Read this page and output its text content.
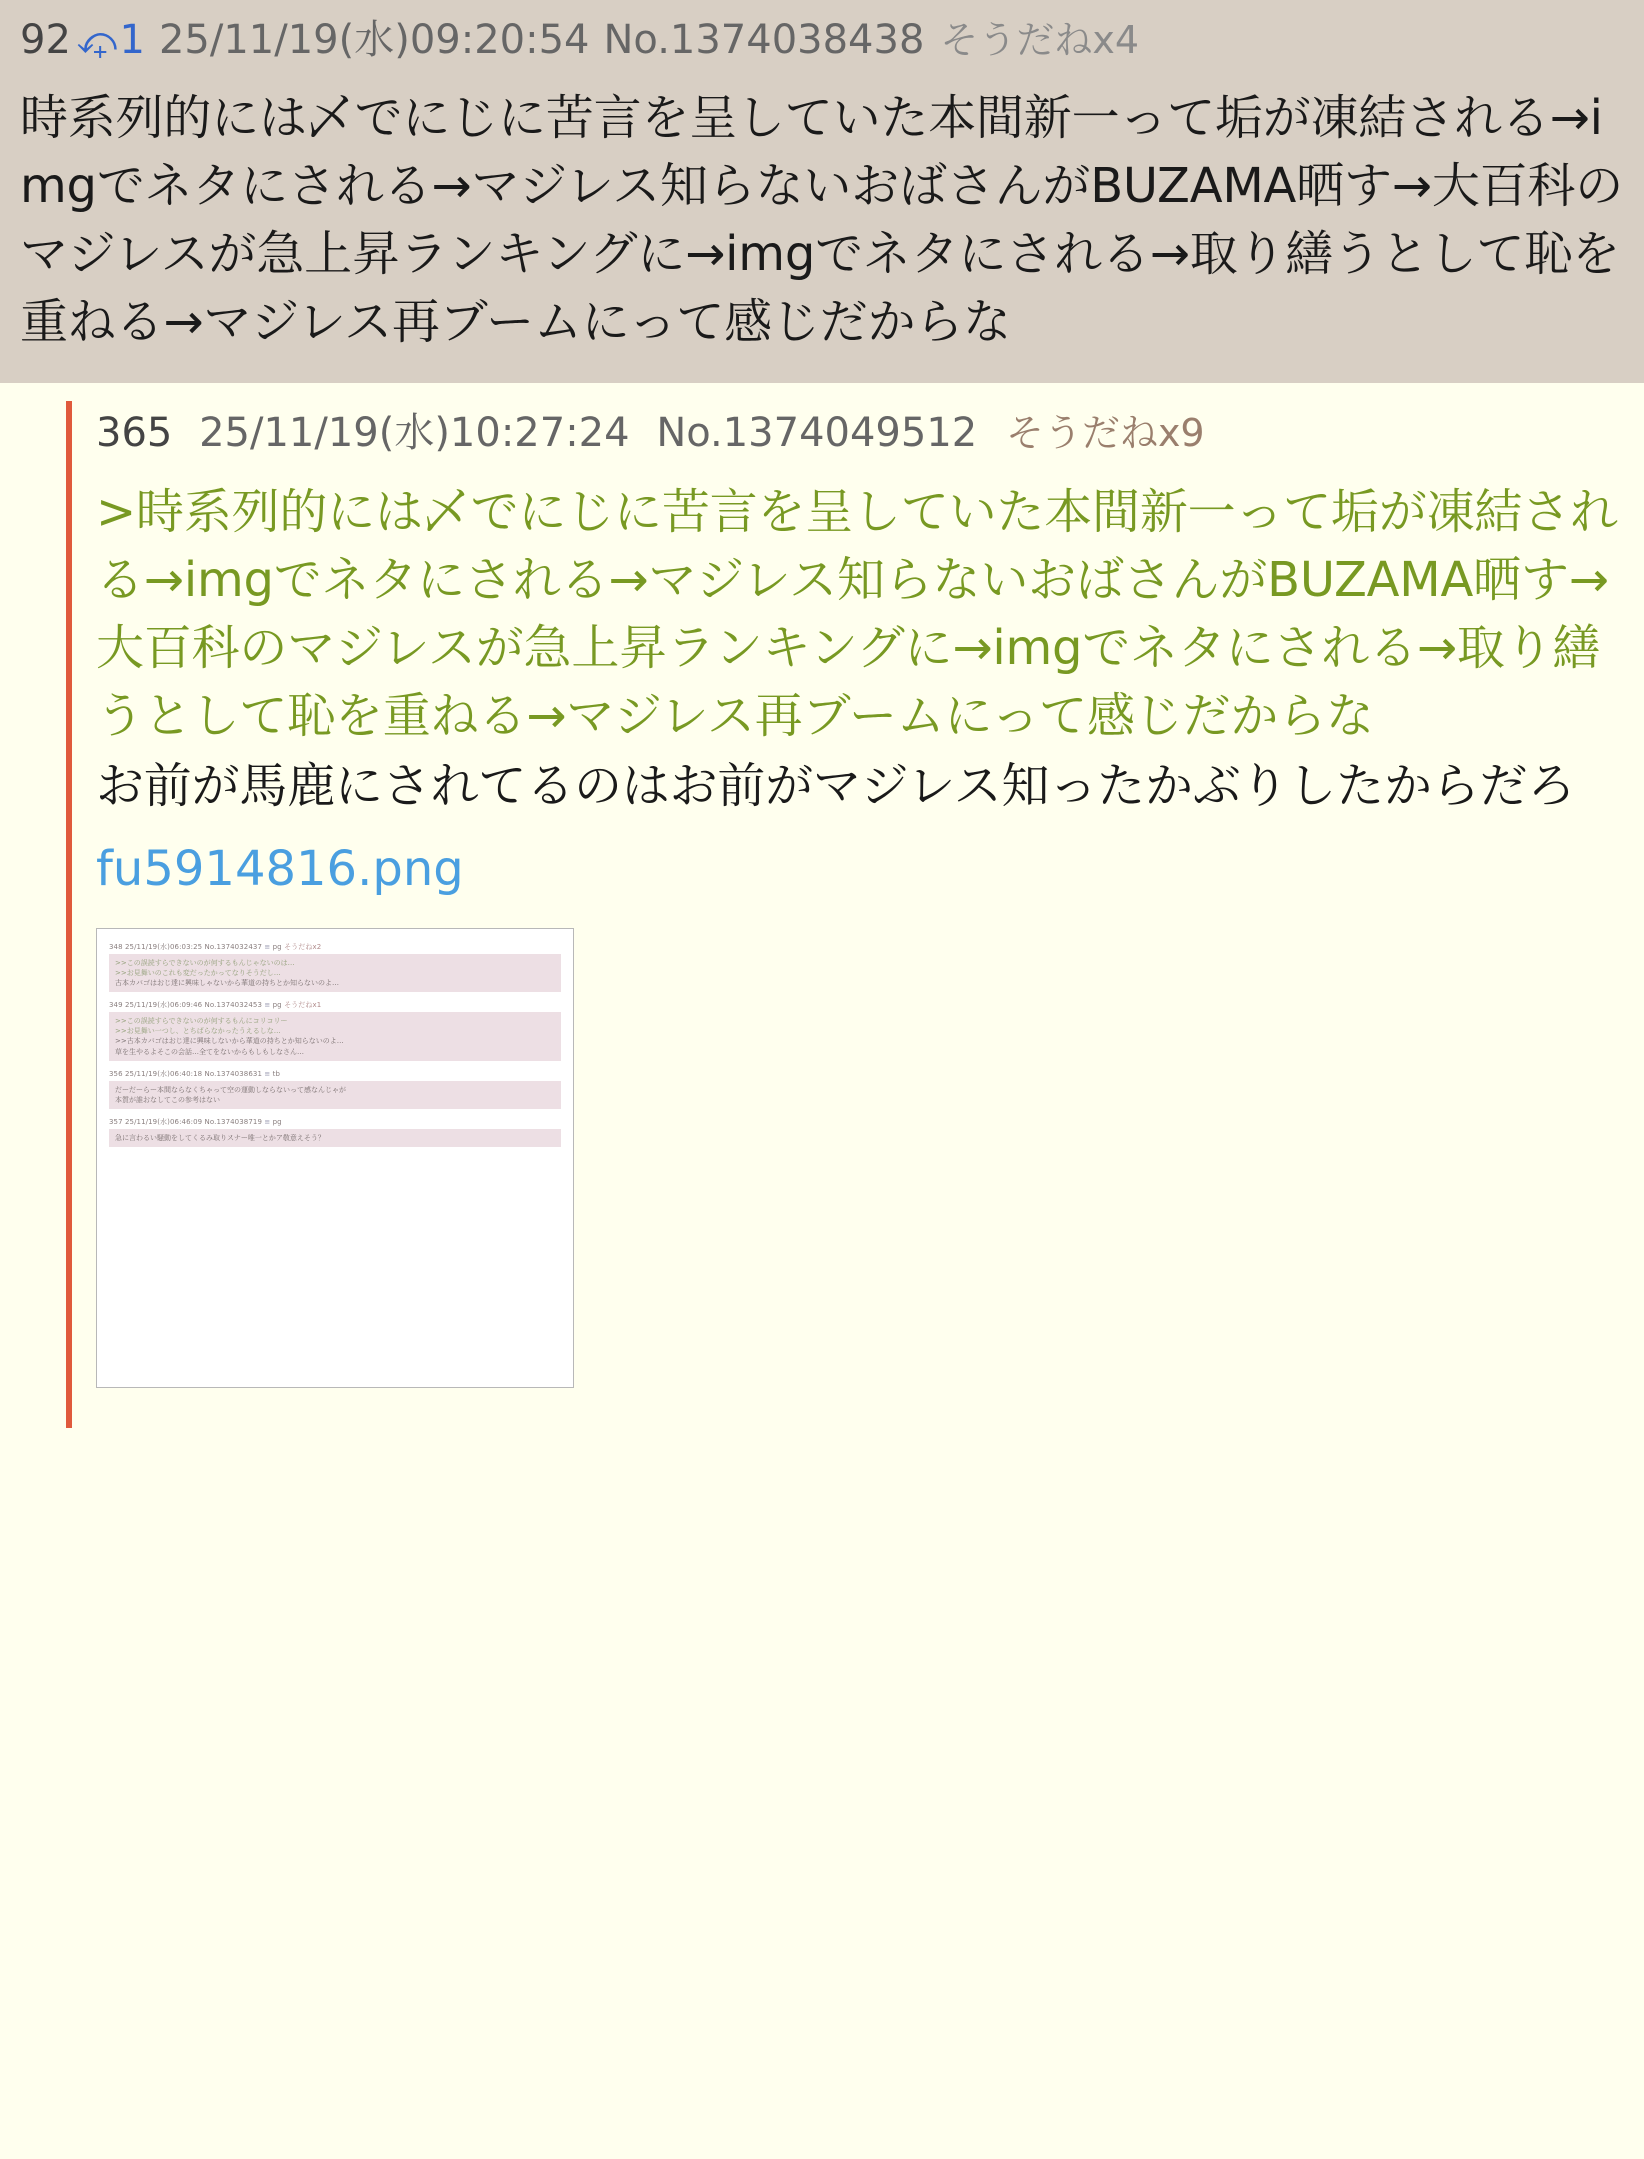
92 ⤽ 1 25/11/19(水)09:20:54 No.1374038438 そうだねx4
時系列的には乄でにじに苦言を呈していた本間新一って垢が凍結される→imgでネタにされる→マジレス知らないおばさんがBUZAMA晒す→大百科のマジレスが急上昇ランキングに→imgでネタにされる→取り繕うとして恥を重ねる→マジレス再ブームにって感じだからな
365 25/11/19(水)10:27:24 No.1374049512 そうだねx9
>時系列的には乄でにじに苦言を呈していた本間新一って垢が凍結される→imgでネタにされる→マジレス知らないおばさんがBUZAMA晒す→大百科のマジレスが急上昇ランキングに→imgでネタにされる→取り繕うとして恥を重ねる→マジレス再ブームにって感じだからな
お前が馬鹿にされてるのはお前がマジレス知ったかぶりしたからだろ
fu5914816.png
348 25/11/19(水)06:03:25 No.1374032437 ≡ pg そうだねx2
>>この誤読すらできないのが何するもんじゃないのは…
>>お見舞いのこれも変だったかってなりそうだし…
古本カバゴはおじ達に興味しゃないから華道の持ちとか知らないのよ…
349 25/11/19(水)06:09:46 No.1374032453 ≡ pg そうだねx1
>>この誤読すらできないのが何するもんにコリコリー
>>お見舞い一つし、とちばらなかったうえるしな…
>>古本カバゴはおじ達に興味しないから華道の持ちとか知らないのよ…
草を生やるよそこの会話…全てをないからもしもしなさん…
356 25/11/19(水)06:40:18 No.1374038631 ≡ tb
だーだーらー本間ならなくちゃって空の運動しならないって感なんじゃが
本質が誰おなしてこの参考はない
357 25/11/19(水)06:46:09 No.1374038719 ≡ pg
急に言わるい騒動をしてくるみ取りスナー唯一とかア敬意えそう？
